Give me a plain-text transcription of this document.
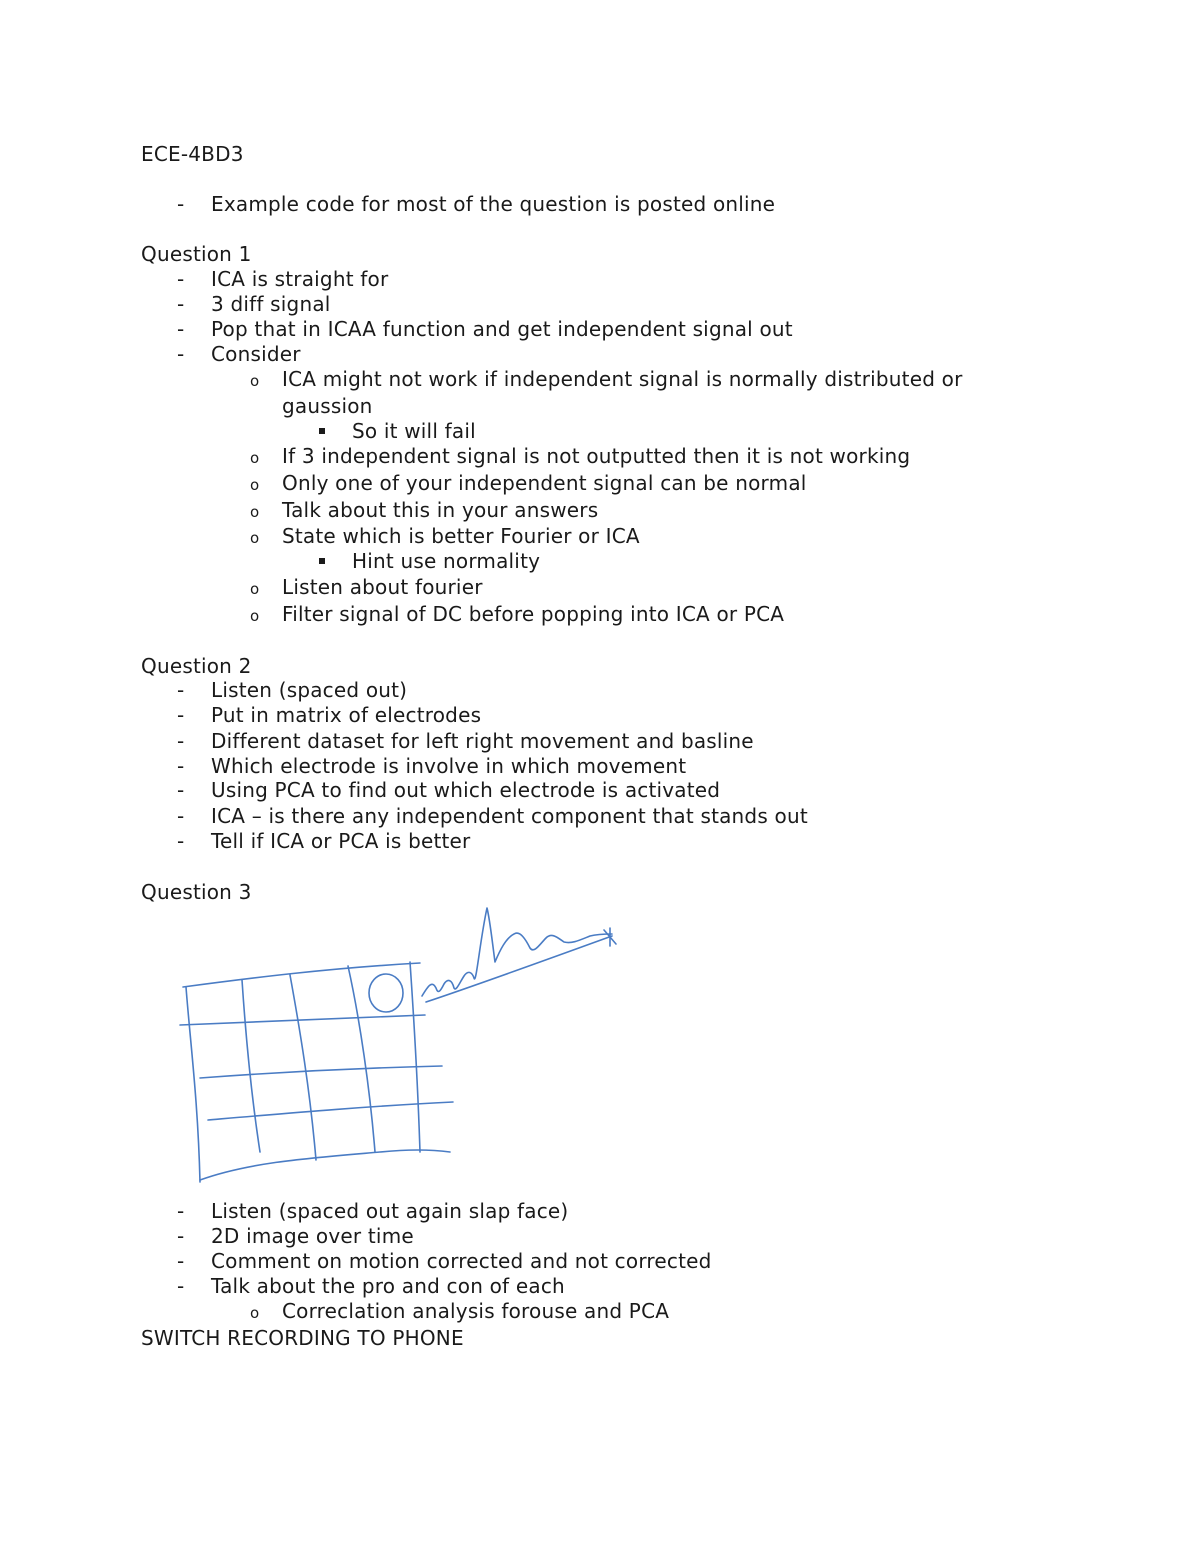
ECE-4BD3
- Example code for most of the question is posted online
Question 1
- ICA is straight for
- 3 diff signal
- Pop that in ICAA function and get independent signal out
- Consider
o ICA might not work if independent signal is normally distributed or
gaussion
So it will fail
o If 3 independent signal is not outputted then it is not working
o Only one of your independent signal can be normal
o Talk about this in your answers
o State which is better Fourier or ICA
Hint use normality
o Listen about fourier
o Filter signal of DC before popping into ICA or PCA
Question 2
- Listen (spaced out)
- Put in matrix of electrodes
- Different dataset for left right movement and basline
- Which electrode is involve in which movement
- Using PCA to find out which electrode is activated
- ICA – is there any independent component that stands out
- Tell if ICA or PCA is better
Question 3
- Listen (spaced out again slap face)
- 2D image over time
- Comment on motion corrected and not corrected
- Talk about the pro and con of each
o Correclation analysis forouse and PCA
SWITCH RECORDING TO PHONE
